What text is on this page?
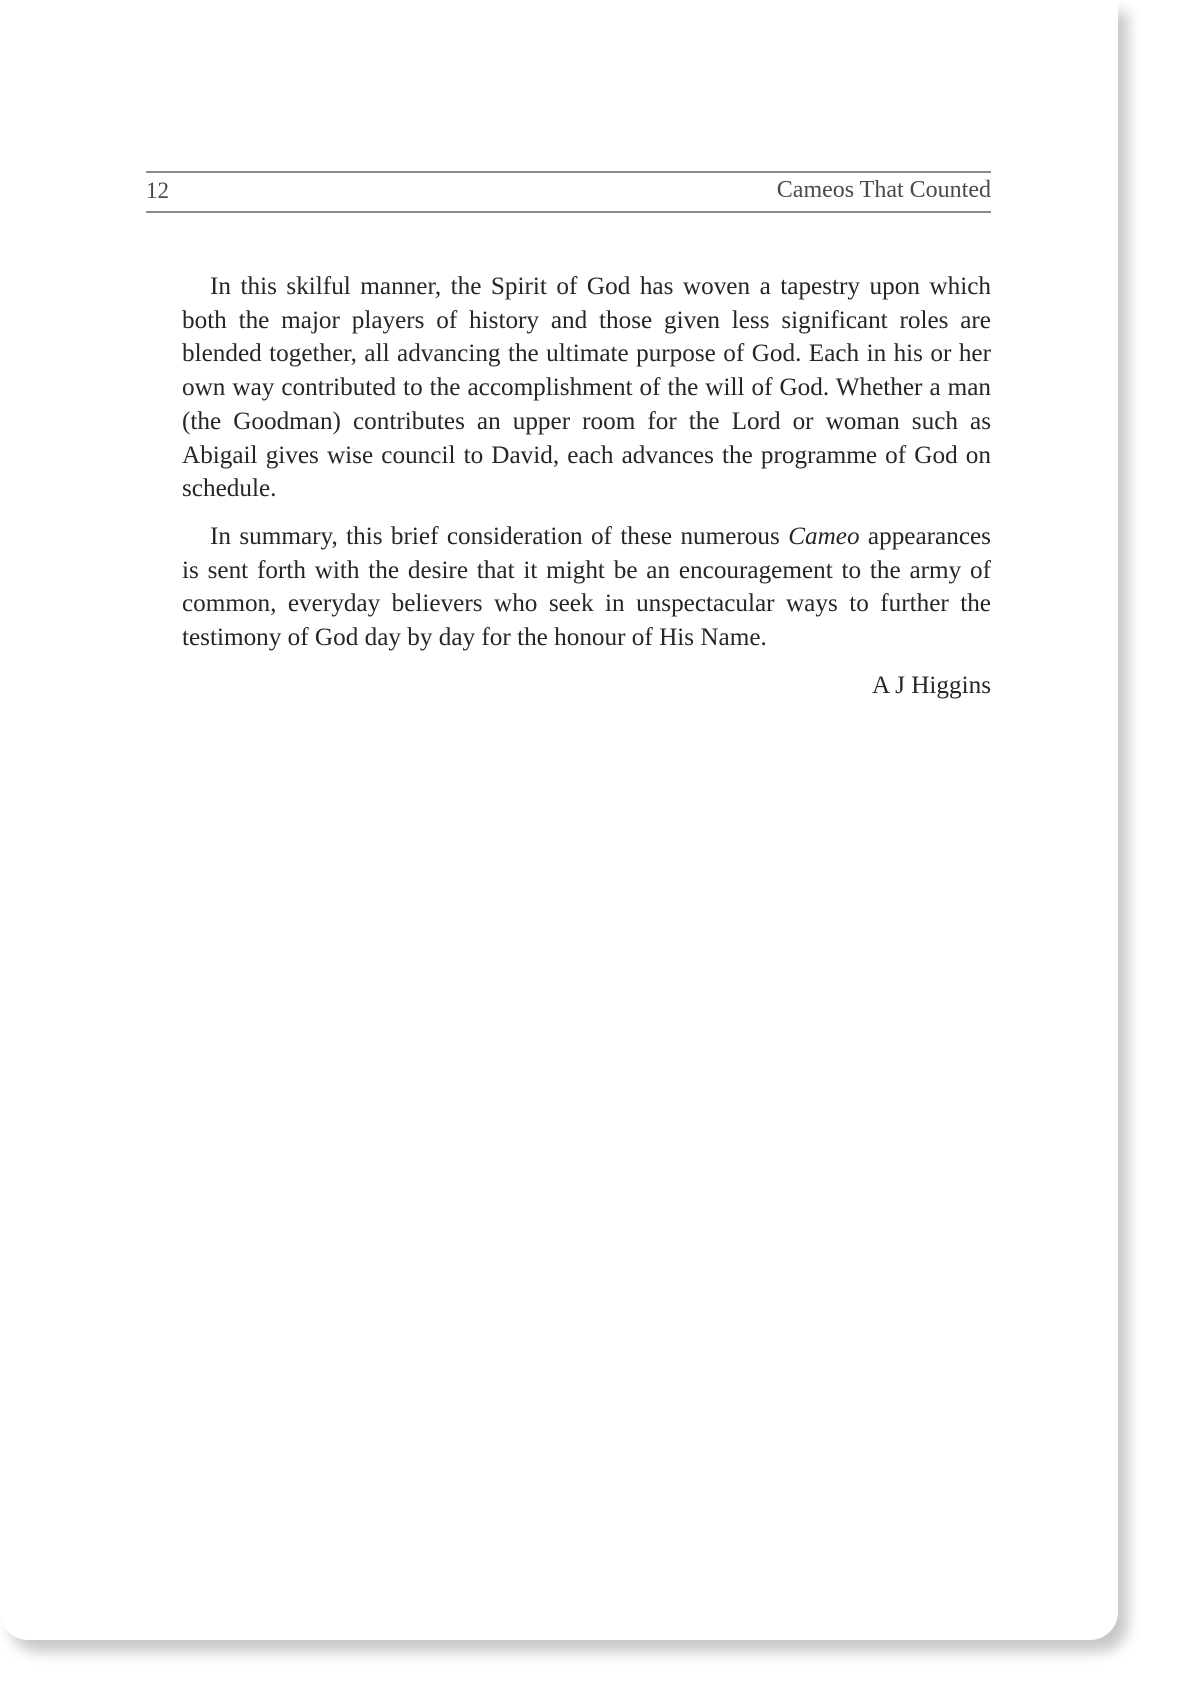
12	Cameos That Counted

In this skilful manner, the Spirit of God has woven a tapestry upon which both the major players of history and those given less significant roles are blended together, all advancing the ultimate purpose of God. Each in his or her own way contributed to the accomplishment of the will of God. Whether a man (the Goodman) contributes an upper room for the Lord or woman such as Abigail gives wise council to David, each advances the programme of God on schedule.

In summary, this brief consideration of these numerous Cameo appearances is sent forth with the desire that it might be an encouragement to the army of common, everyday believers who seek in unspectacular ways to further the testimony of God day by day for the honour of His Name.

A J Higgins
